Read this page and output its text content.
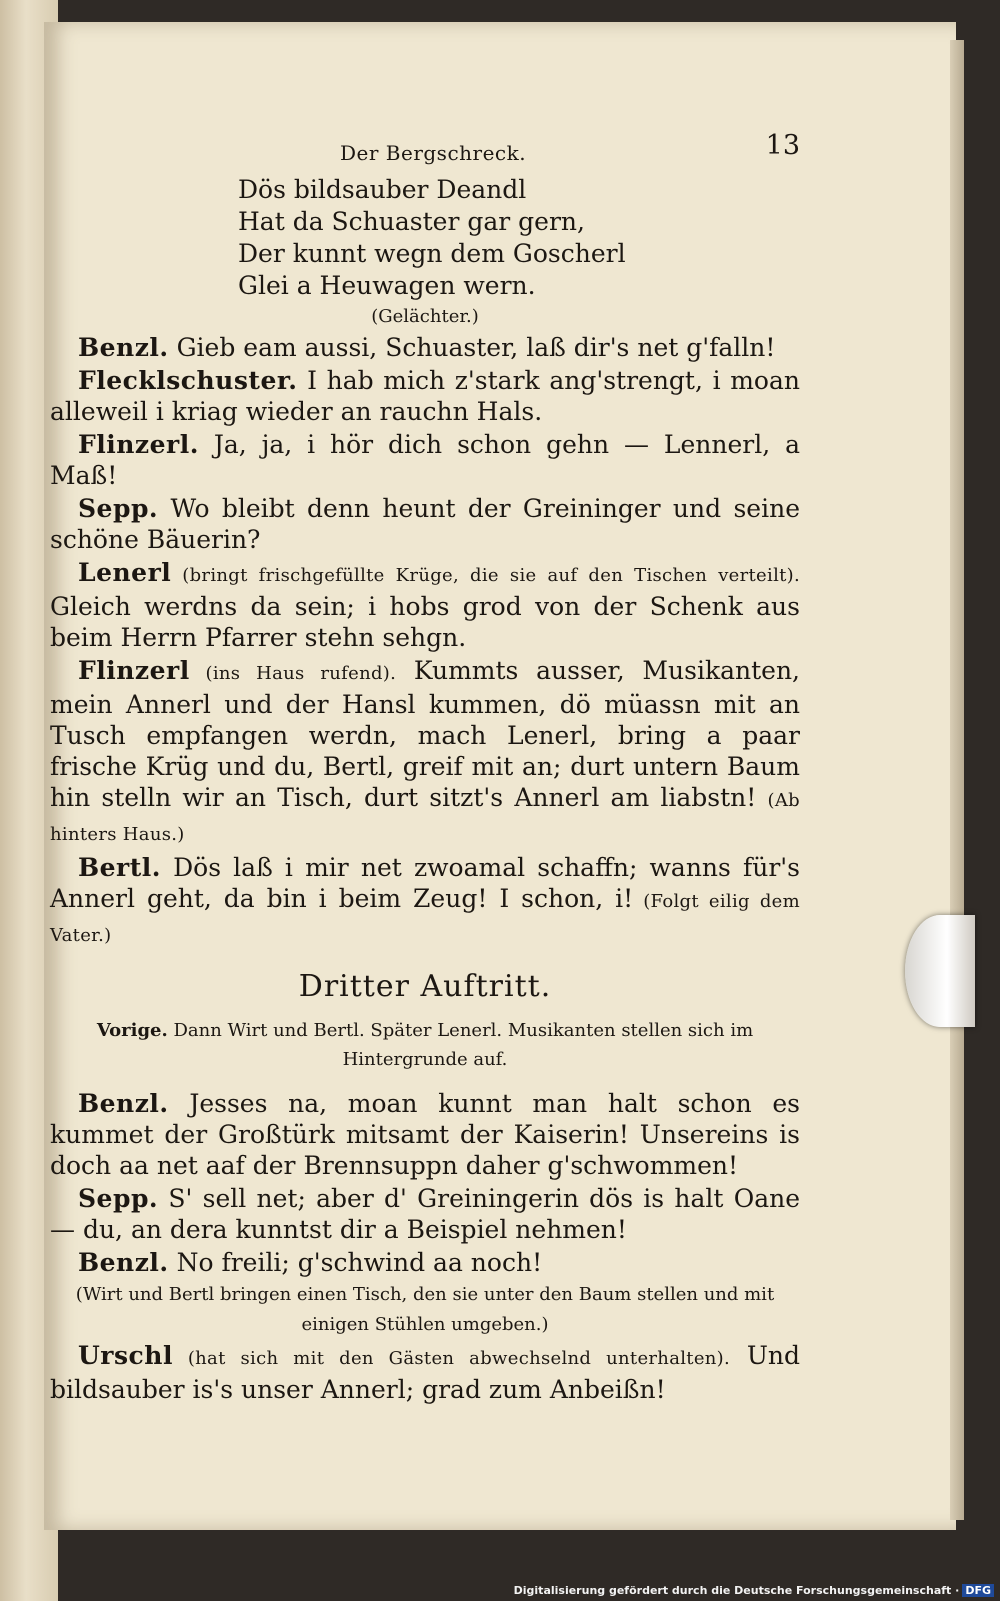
Der Bergschreck.	13
Dös bildsauber Deandl
Hat da Schuaster gar gern,
Der kunnt wegn dem Goscherl
Glei a Heuwagen wern.
(Gelächter.)

Benzl. Gieb eam aussi, Schuaster, laß dir's net g'falln!

Flecklschuster. I hab mich z'stark ang'strengt, i moan alleweil i kriag wieder an rauchn Hals.

Flinzerl. Ja, ja, i hör dich schon gehn — Lennerl, a Maß!

Sepp. Wo bleibt denn heunt der Greininger und seine schöne Bäuerin?

Lenerl (bringt frischgefüllte Krüge, die sie auf den Tischen verteilt). Gleich werdns da sein; i hobs grod von der Schenk aus beim Herrn Pfarrer stehn sehgn.

Flinzerl (ins Haus rufend). Kummts ausser, Musikanten, mein Annerl und der Hansl kummen, dö müassn mit an Tusch empfangen werdn, mach Lenerl, bring a paar frische Krüg und du, Bertl, greif mit an; durt untern Baum hin stelln wir an Tisch, durt sitzt's Annerl am liabstn! (Ab hinters Haus.)

Bertl. Dös laß i mir net zwoamal schaffn; wanns für's Annerl geht, da bin i beim Zeug! I schon, i! (Folgt eilig dem Vater.)

Dritter Auftritt.
Vorige. Dann Wirt und Bertl. Später Lenerl. Musikanten stellen sich im Hintergrunde auf.

Benzl. Jesses na, moan kunnt man halt schon es kummet der Großtürk mitsamt der Kaiserin! Unsereins is doch aa net aaf der Brennsuppn daher g'schwommen!

Sepp. S' sell net; aber d' Greiningerin dös is halt Oane — du, an dera kunntst dir a Beispiel nehmen!

Benzl. No freili; g'schwind aa noch!

(Wirt und Bertl bringen einen Tisch, den sie unter den Baum stellen und mit einigen Stühlen umgeben.)

Urschl (hat sich mit den Gästen abwechselnd unterhalten). Und bildsauber is's unser Annerl; grad zum Anbeißn!

Digitalisierung gefördert durch die Deutsche Forschungsgemeinschaft · DFG
